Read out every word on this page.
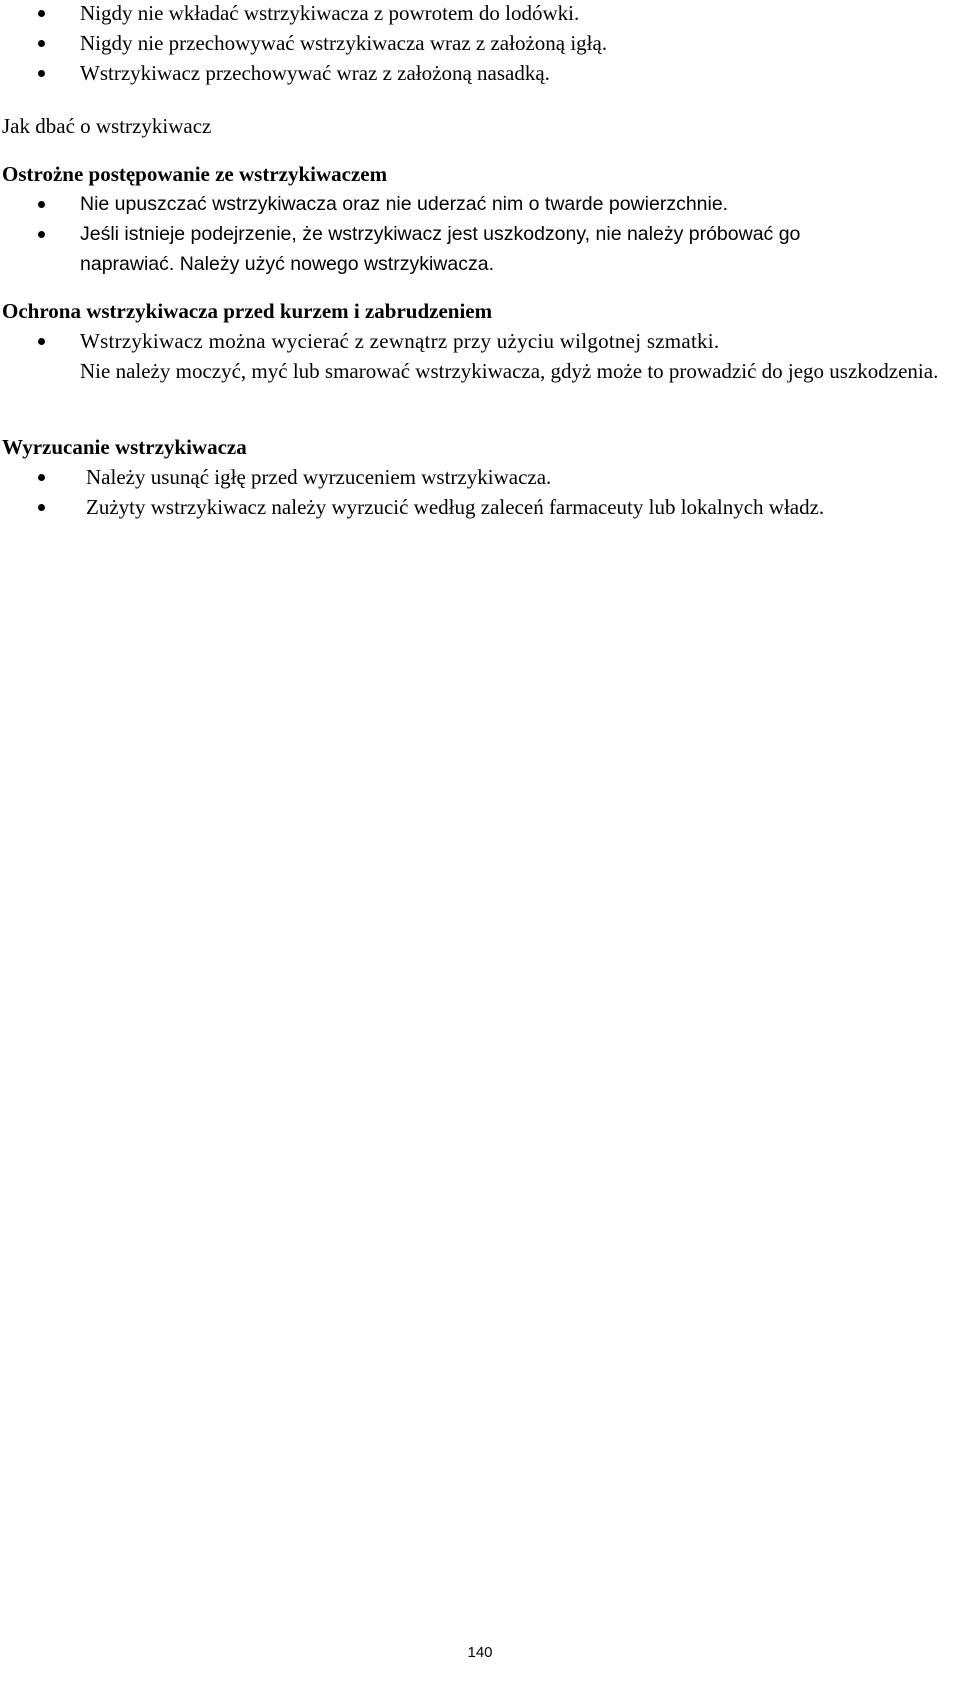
Nigdy nie wkładać wstrzykiwacza z powrotem do lodówki.
Nigdy nie przechowywać wstrzykiwacza wraz z założoną igłą.
Wstrzykiwacz przechowywać wraz z założoną nasadką.

Jak dbać o wstrzykiwacz

Ostrożne postępowanie ze wstrzykiwaczem

Nie upuszczać wstrzykiwacza oraz nie uderzać nim o twarde powierzchnie.
Jeśli istnieje podejrzenie, że wstrzykiwacz jest uszkodzony, nie należy próbować go naprawiać. Należy użyć nowego wstrzykiwacza.

Ochrona wstrzykiwacza przed kurzem i zabrudzeniem

Wstrzykiwacz można wycierać z zewnątrz przy użyciu wilgotnej szmatki.

Nie należy moczyć, myć lub smarować wstrzykiwacza, gdyż może to prowadzić do jego uszkodzenia.

Wyrzucanie wstrzykiwacza

Należy usunąć igłę przed wyrzuceniem wstrzykiwacza.
Zużyty wstrzykiwacz należy wyrzucić według zaleceń farmaceuty lub lokalnych władz.
140
